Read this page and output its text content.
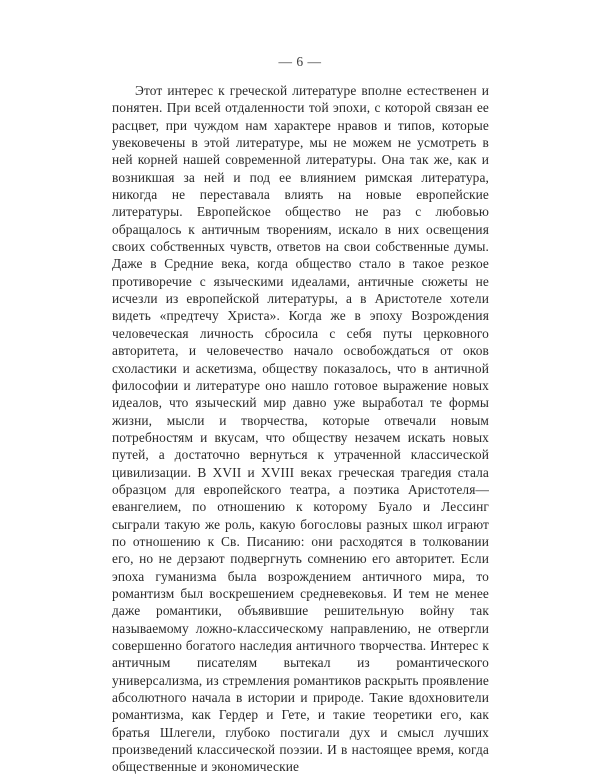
— 6 —

Этот интерес к греческой литературе вполне естественен и понятен. При всей отдаленности той эпохи, с которой связан ее расцвет, при чуждом нам характере нравов и типов, которые увековечены в этой литературе, мы не можем не усмотреть в ней корней нашей современной литературы. Она так же, как и возникшая за ней и под ее влиянием римская литература, никогда не переставала влиять на новые европейские литературы. Европейское общество не раз с любовью обращалось к античным творениям, искало в них освещения своих собственных чувств, ответов на свои собственные думы. Даже в Средние века, когда общество стало в такое резкое противоречие с языческими идеалами, античные сюжеты не исчезли из европейской литературы, а в Аристотеле хотели видеть «предтечу Христа». Когда же в эпоху Возрождения человеческая личность сбросила с себя путы церковного авторитета, и человечество начало освобождаться от оков схоластики и аскетизма, обществу показалось, что в античной философии и литературе оно нашло готовое выражение новых идеалов, что языческий мир давно уже выработал те формы жизни, мысли и творчества, которые отвечали новым потребностям и вкусам, что обществу незачем искать новых путей, а достаточно вернуться к утраченной классической цивилизации. В XVII и XVIII веках греческая трагедия стала образцом для европейского театра, а поэтика Аристотеля—евангелием, по отношению к которому Буало и Лессинг сыграли такую же роль, какую богословы разных школ играют по отношению к Св. Писанию: они расходятся в толковании его, но не дерзают подвергнуть сомнению его авторитет. Если эпоха гуманизма была возрождением античного мира, то романтизм был воскрешением средневековья. И тем не менее даже романтики, объявившие решительную войну так называемому ложно-классическому направлению, не отвергли совершенно богатого наследия античного творчества. Интерес к античным писателям вытекал из романтического универсализма, из стремления романтиков раскрыть проявление абсолютного начала в истории и природе. Такие вдохновители романтизма, как Гердер и Гете, и такие теоретики его, как братья Шлегели, глубоко постигали дух и смысл лучших произведений классической поэзии. И в настоящее время, когда общественные и экономические
